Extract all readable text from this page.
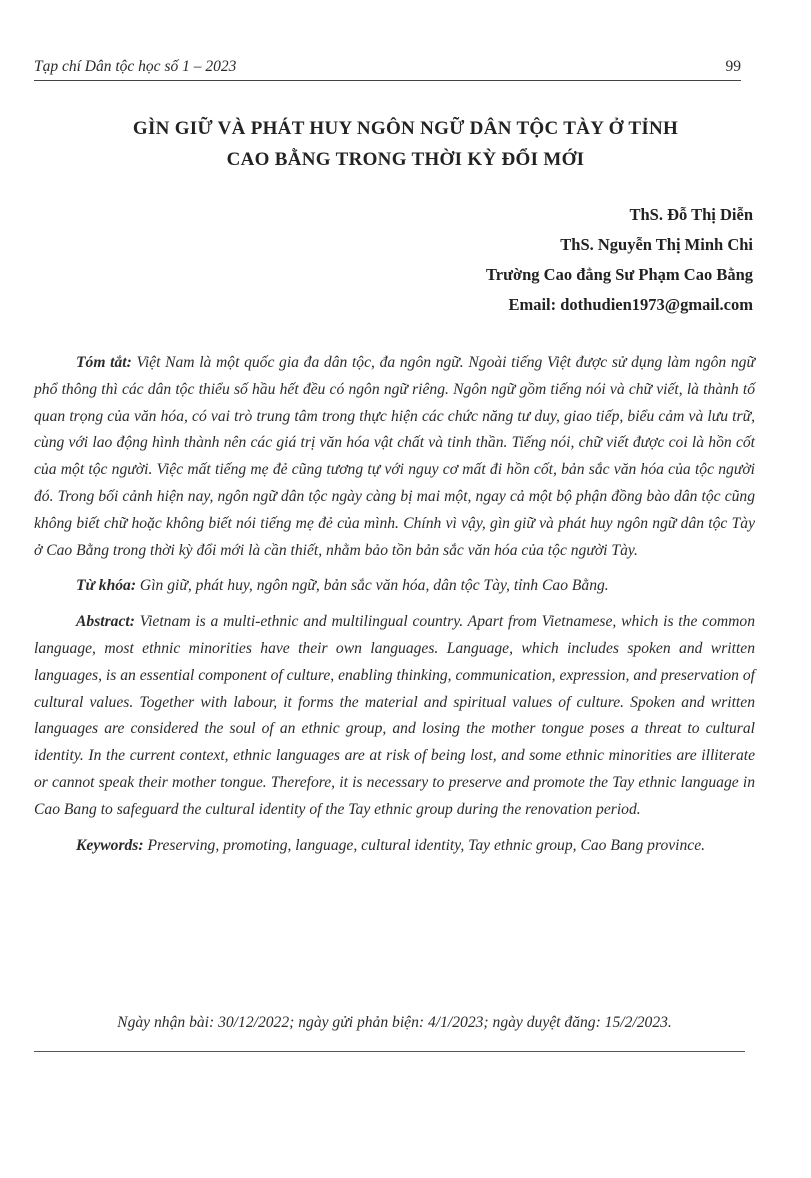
Tạp chí Dân tộc học số 1 – 2023	99
GÌN GIỮ VÀ PHÁT HUY NGÔN NGỮ DÂN TỘC TÀY Ở TỈNH
CAO BẰNG TRONG THỜI KỲ ĐỔI MỚI
ThS. Đỗ Thị Diễn
ThS. Nguyễn Thị Minh Chi
Trường Cao đẳng Sư Phạm Cao Bằng
Email: dothudien1973@gmail.com

Tóm tắt: Việt Nam là một quốc gia đa dân tộc, đa ngôn ngữ. Ngoài tiếng Việt được sử dụng làm ngôn ngữ phổ thông thì các dân tộc thiểu số hầu hết đều có ngôn ngữ riêng. Ngôn ngữ gồm tiếng nói và chữ viết, là thành tố quan trọng của văn hóa, có vai trò trung tâm trong thực hiện các chức năng tư duy, giao tiếp, biểu cảm và lưu trữ, cùng với lao động hình thành nên các giá trị văn hóa vật chất và tinh thần. Tiếng nói, chữ viết được coi là hồn cốt của một tộc người. Việc mất tiếng mẹ đẻ cũng tương tự với nguy cơ mất đi hồn cốt, bản sắc văn hóa của tộc người đó. Trong bối cảnh hiện nay, ngôn ngữ dân tộc ngày càng bị mai một, ngay cả một bộ phận đồng bào dân tộc cũng không biết chữ hoặc không biết nói tiếng mẹ đẻ của mình. Chính vì vậy, gìn giữ và phát huy ngôn ngữ dân tộc Tày ở Cao Bằng trong thời kỳ đổi mới là cần thiết, nhằm bảo tồn bản sắc văn hóa của tộc người Tày.

Từ khóa: Gìn giữ, phát huy, ngôn ngữ, bản sắc văn hóa, dân tộc Tày, tỉnh Cao Bằng.

Abstract: Vietnam is a multi-ethnic and multilingual country. Apart from Vietnamese, which is the common language, most ethnic minorities have their own languages. Language, which includes spoken and written languages, is an essential component of culture, enabling thinking, communication, expression, and preservation of cultural values. Together with labour, it forms the material and spiritual values of culture. Spoken and written languages are considered the soul of an ethnic group, and losing the mother tongue poses a threat to cultural identity. In the current context, ethnic languages are at risk of being lost, and some ethnic minorities are illiterate or cannot speak their mother tongue. Therefore, it is necessary to preserve and promote the Tay ethnic language in Cao Bang to safeguard the cultural identity of the Tay ethnic group during the renovation period.

Keywords: Preserving, promoting, language, cultural identity, Tay ethnic group, Cao Bang province.

Ngày nhận bài: 30/12/2022; ngày gửi phản biện: 4/1/2023; ngày duyệt đăng: 15/2/2023.
